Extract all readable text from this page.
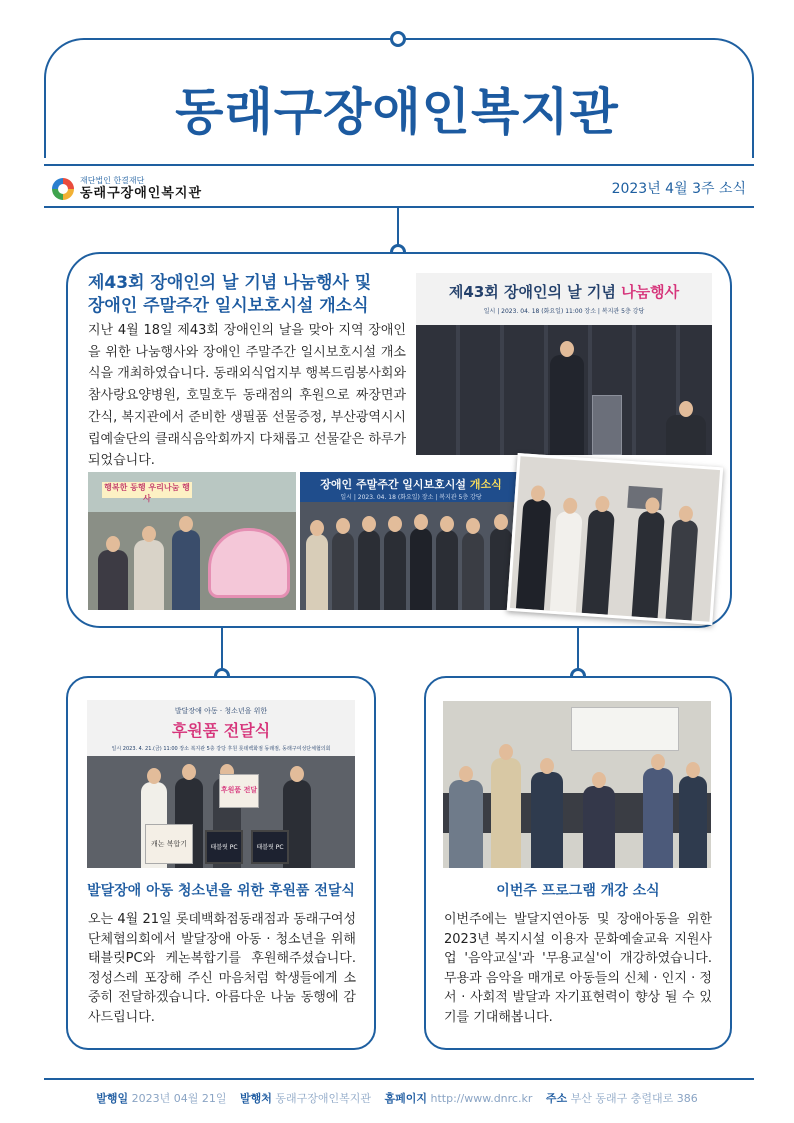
동래구장애인복지관
재단법인 한결재단
동래구장애인복지관	2023년 4월 3주 소식
제43회 장애인의 날 기념 나눔행사 및
장애인 주말주간 일시보호시설 개소식
지난 4월 18일 제43회 장애인의 날을 맞아 지역 장애인을 위한 나눔행사와 장애인 주말주간 일시보호시설 개소식을 개최하였습니다. 동래외식업지부 행복드림봉사회와 참사랑요양병원, 호밀호두 동래점의 후원으로 짜장면과 간식, 복지관에서 준비한 생필품 선물증정, 부산광역시시립예술단의 클래식음악회까지 다채롭고 선물같은 하루가 되었습니다.
제43회 장애인의 날 기념 나눔행사
일시 | 2023. 04. 18 (화요일) 11:00 장소 | 복지관 5층 강당
행복한 동행 우리나눔 행사
장애인 주말주간 일시보호시설 개소식
일시 | 2023. 04. 18 (화요일) 장소 | 복지관 5층 강당
발달장애 아동 · 청소년을 위한
후원품 전달식
일시 2023. 4. 21.(금) 11:00 장소 복지관 5층 강당 후원 롯데백화점 동래점, 동래구여성단체협의회
후원품 전달
캐논 복합기	태블릿 PC	태블릿 PC
발달장애 아동 청소년을 위한 후원품 전달식
오는 4월 21일 롯데백화점동래점과 동래구여성단체협의회에서 발달장애 아동 · 청소년을 위해 태블릿PC와 케논복합기를 후원해주셨습니다. 정성스레 포장해 주신 마음처럼 학생들에게 소중히 전달하겠습니다. 아름다운 나눔 동행에 감사드립니다.
이번주 프로그램 개강 소식
이번주에는 발달지연아동 및 장애아동을 위한 2023년 복지시설 이용자 문화예술교육 지원사업 '음악교실'과 '무용교실'이 개강하였습니다. 무용과 음악을 매개로 아동들의 신체 · 인지 · 정서 · 사회적 발달과 자기표현력이 향상 될 수 있기를 기대해봅니다.
발행일 2023년 04월 21일 발행처 동래구장애인복지관 홈페이지 http://www.dnrc.kr 주소 부산 동래구 충렬대로 386
